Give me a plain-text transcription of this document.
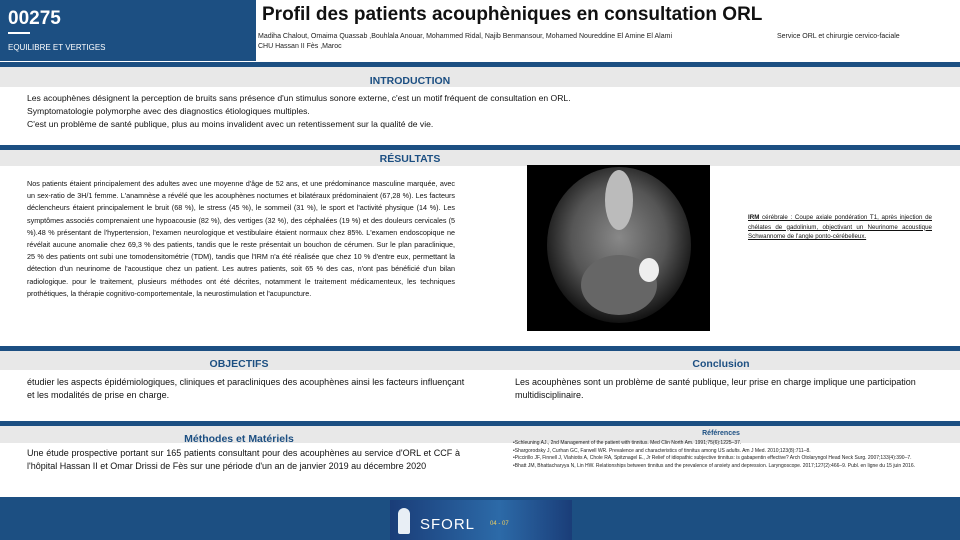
00275
EQUILIBRE ET VERTIGES
Profil des patients acouphèniques en consultation ORL
Madiha Chalout, Omaima Quassab ,Bouhlala Anouar, Mohammed Ridal, Najib Benmansour, Mohamed Noureddine El Amine El Alami
CHU Hassan II Fès ,Maroc
Service ORL et chirurgie cervico-faciale
INTRODUCTION
Les acouphènes désignent la perception de bruits sans présence d'un stimulus sonore externe, c'est un motif fréquent de consultation en ORL.
Symptomatologie polymorphe avec des diagnostics étiologiques multiples.
C'est un problème de santé publique, plus au moins invalident avec un retentissement sur la qualité de vie.
RÉSULTATS
Nos patients étaient principalement des adultes avec une moyenne d'âge de 52 ans, et une prédominance masculine marquée, avec un sex-ratio de 3H/1 femme. L'anamnèse a révélé que les acouphènes nocturnes et bilatéraux prédominaient (67,28 %). Les facteurs déclencheurs étaient principalement le bruit (68 %), le stress (45 %), le sommeil (31 %), le sport et l'activité physique (14 %). Les symptômes associés comprenaient une hypoacousie (82 %), des vertiges (32 %), des céphalées (19 %) et des douleurs cervicales (5 %).48 % présentant de l'hypertension, l'examen neurologique et vestibulaire étaient normaux chez 85%. L'examen endoscopique ne révélait aucune anomalie chez 69,3 % des patients, tandis que le reste présentait un bouchon de cérumen. Sur le plan paraclinique, 25 % des patients ont subi une tomodensitométrie (TDM), tandis que l'IRM n'a été réalisée que chez 10 % d'entre eux, permettant la détection d'un neurinome de l'acoustique chez un patient. Les autres patients, soit 65 % des cas, n'ont pas bénéficié d'un bilan radiologique. pour le traitement, plusieurs méthodes ont été décrites, notamment le traitement médicamenteux, les techniques prothétiques, la thérapie cognitivo-comportementale, la neurostimulation et l'acupuncture.
IRM cérébrale : Coupe axiale pondération T1, après injection de chélates de gadolinium, objectivant un Neurinome acoustique Schwannome de l'angle ponto-cérébelleux.
OBJECTIFS	Conclusion
étudier les aspects épidémiologiques, cliniques et paracliniques des acouphènes ainsi les facteurs influençant et les modalités de prise en charge.
Les acouphènes sont un problème de santé publique, leur prise en charge implique une participation multidisciplinaire.
Méthodes et Matériels	Références
Une étude prospective portant sur 165 patients consultant pour des acouphènes au service d'ORL et CCF à l'hôpital Hassan II et Omar Drissi de Fès sur une période d'un an de janvier 2019 au décembre 2020
•Schleuning AJ., 2nd Management of the patient with tinnitus. Med Clin North Am. 1991;75(6):1225–37.
•Shargorodsky J, Curhan GC, Farwell WR. Prevalence and characteristics of tinnitus among US adults. Am J Med. 2010;123(8):711–8.
•Piccirillo JF, Finnell J, Vlahiotis A, Chole RA, Spitznagel E., Jr Relief of idiopathic subjective tinnitus: is gabapentin effective? Arch Otolaryngol Head Neck Surg. 2007;133(4):390–7.
•Bhatt JM, Bhattacharyya N, Lin HW. Relationships between tinnitus and the prevalence of anxiety and depression. Laryngoscope. 2017;127(2):466–9. Publ. en ligne du 15 juin 2016.
SFORL 04 - 07
